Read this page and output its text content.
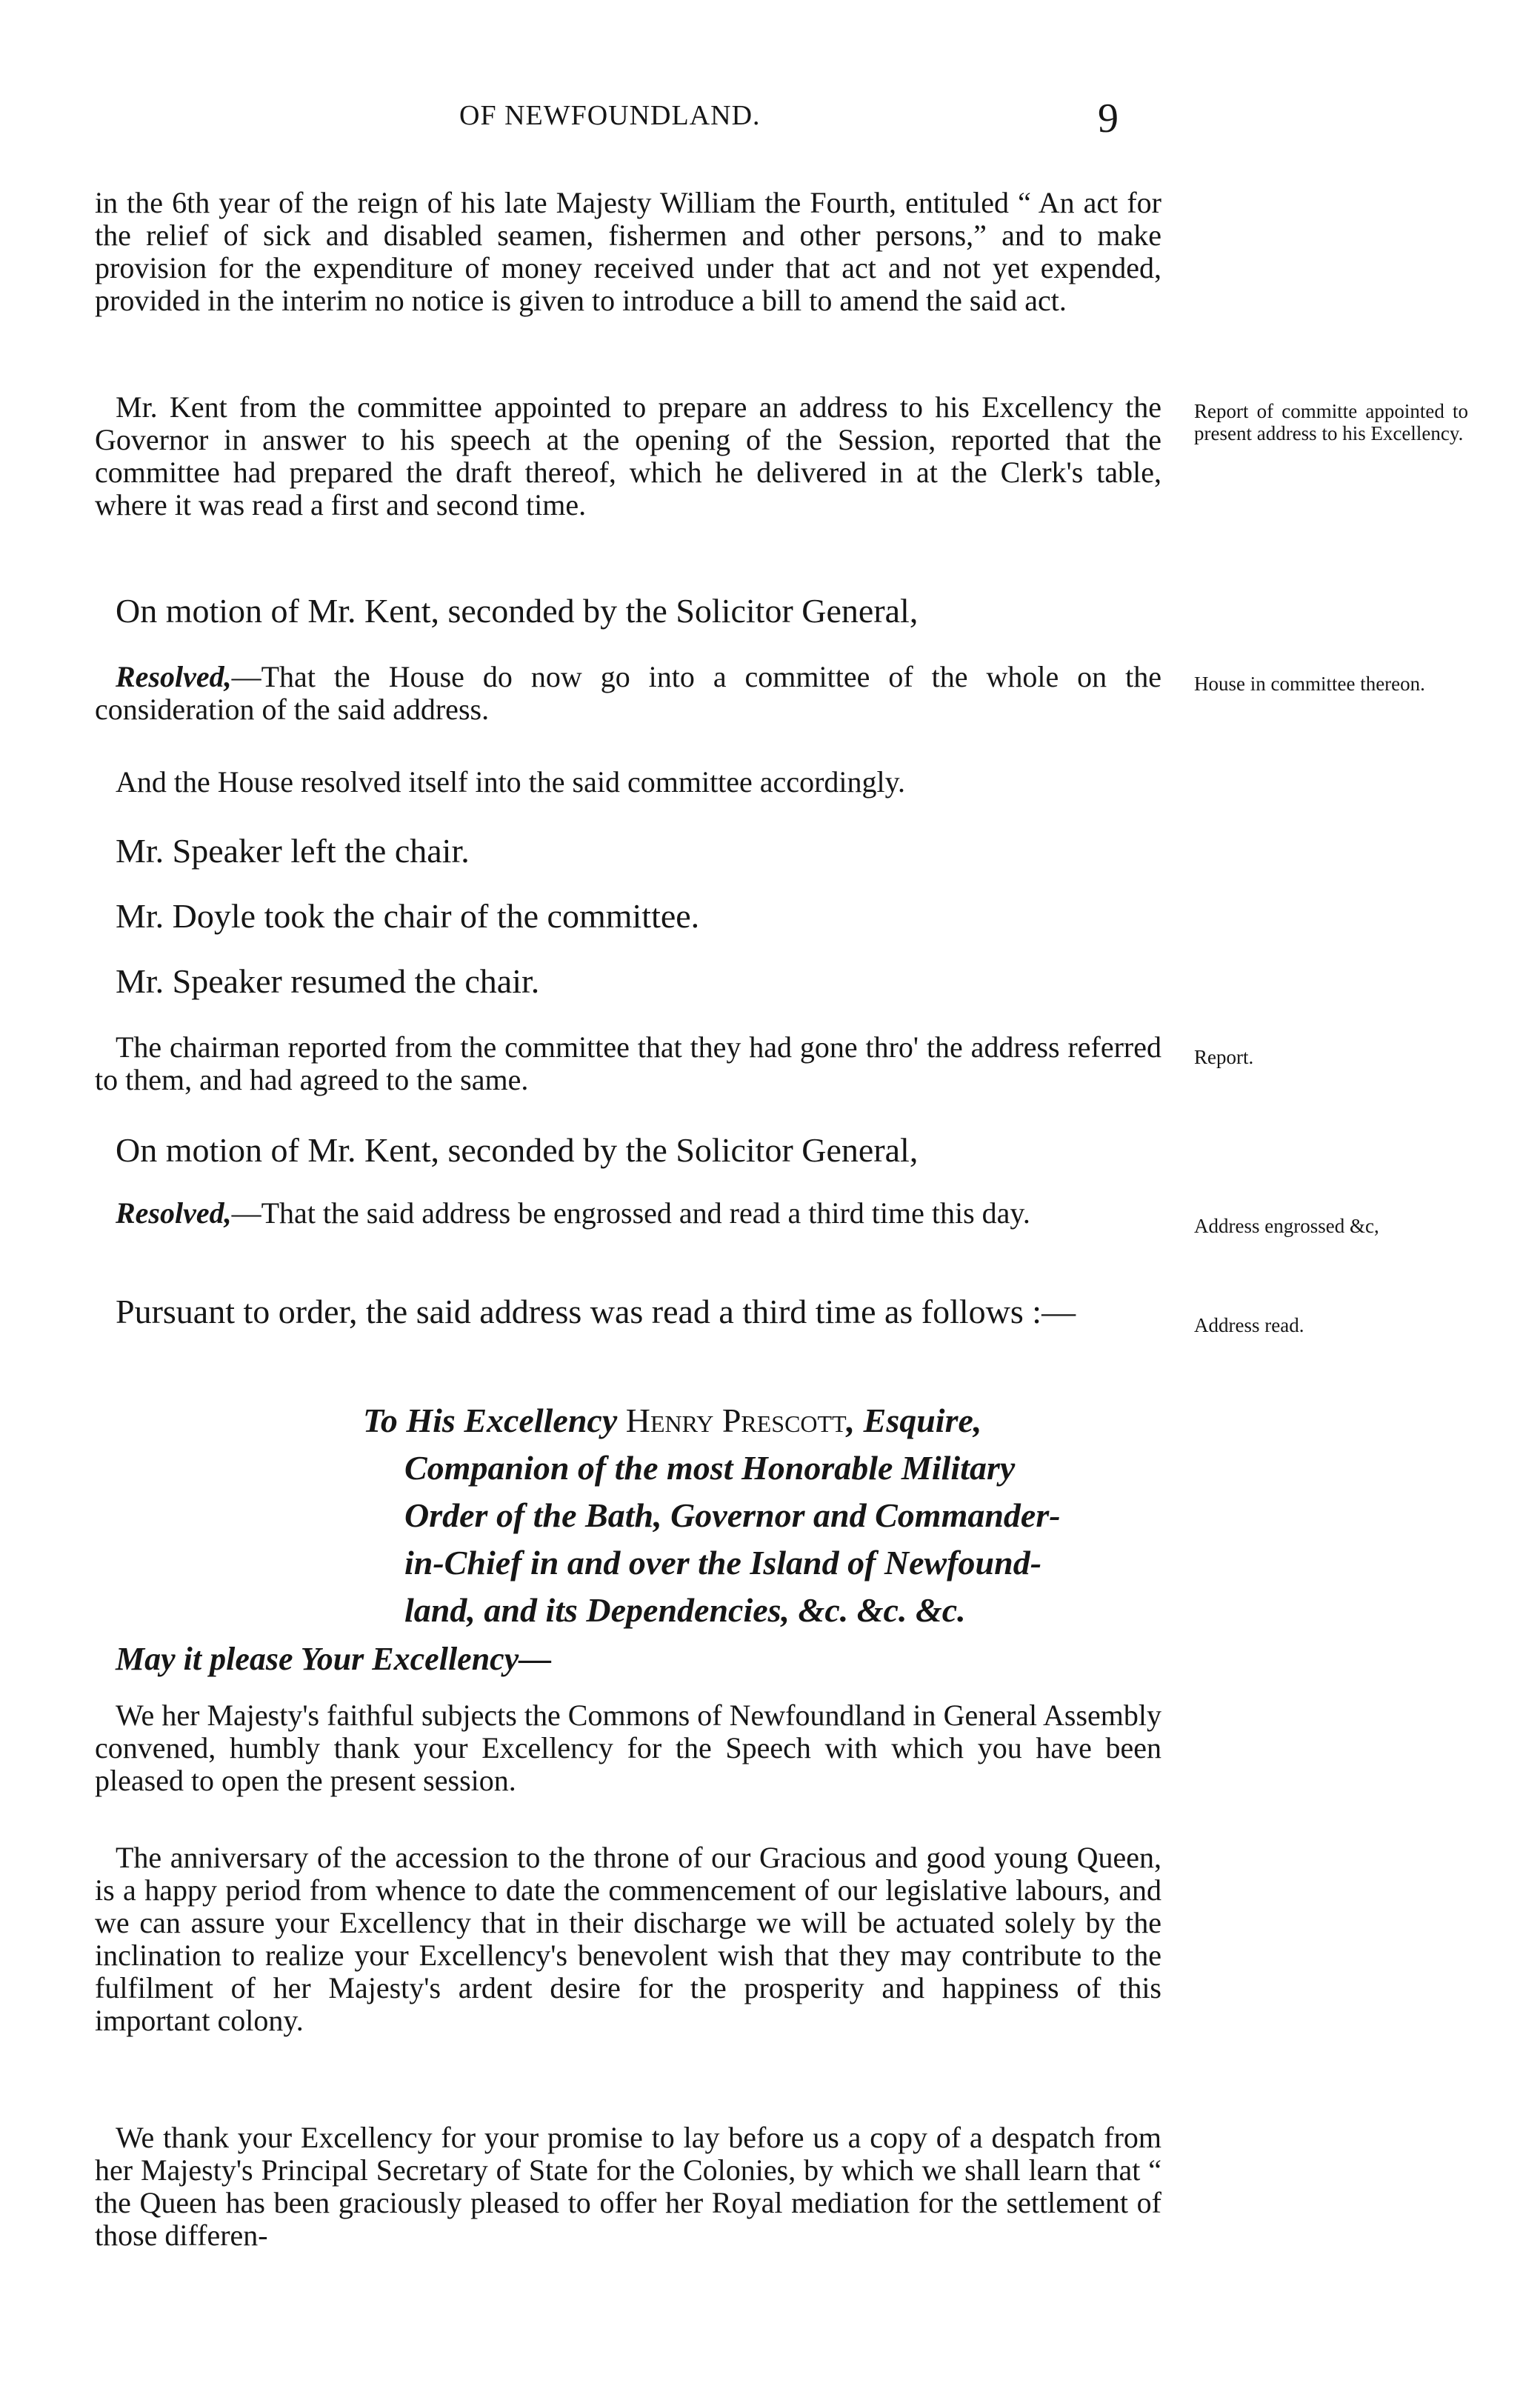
OF NEWFOUNDLAND.	9

in the 6th year of the reign of his late Majesty William the Fourth, entituled “ An act for the relief of sick and disabled seamen, fishermen and other persons,” and to make provision for the expenditure of money received under that act and not yet expended, provided in the interim no notice is given to introduce a bill to amend the said act.

Mr. Kent from the committee appointed to prepare an address to his Excellency the Governor in answer to his speech at the opening of the Session, reported that the committee had prepared the draft thereof, which he delivered in at the Clerk's table, where it was read a first and second time.

Report of committe appointed to present address to his Excellency.

On motion of Mr. Kent, seconded by the Solicitor General,

Resolved,—That the House do now go into a committee of the whole on the consideration of the said address.

House in committee thereon.

And the House resolved itself into the said committee accordingly.

Mr. Speaker left the chair.

Mr. Doyle took the chair of the committee.

Mr. Speaker resumed the chair.

The chairman reported from the committee that they had gone thro' the address referred to them, and had agreed to the same.

Report.

On motion of Mr. Kent, seconded by the Solicitor General,

Resolved,—That the said address be engrossed and read a third time this day.	Address engrossed &c,

Pursuant to order, the said address was read a third time as follows :—	Address read.
To His Excellency Henry Prescott, Esquire,
Companion of the most Honorable Military
Order of the Bath, Governor and Commander-
in-Chief in and over the Island of Newfound-
land, and its Dependencies, &c. &c. &c.

May it please Your Excellency—

We her Majesty's faithful subjects the Commons of Newfoundland in General Assembly convened, humbly thank your Excellency for the Speech with which you have been pleased to open the present session.

The anniversary of the accession to the throne of our Gracious and good young Queen, is a happy period from whence to date the commencement of our legislative labours, and we can assure your Excellency that in their discharge we will be actuated solely by the inclination to realize your Excellency's benevolent wish that they may contribute to the fulfilment of her Majesty's ardent desire for the prosperity and happiness of this important colony.

We thank your Excellency for your promise to lay before us a copy of a despatch from her Majesty's Principal Secretary of State for the Colonies, by which we shall learn that “ the Queen has been graciously pleased to offer her Royal mediation for the settlement of those differen-
